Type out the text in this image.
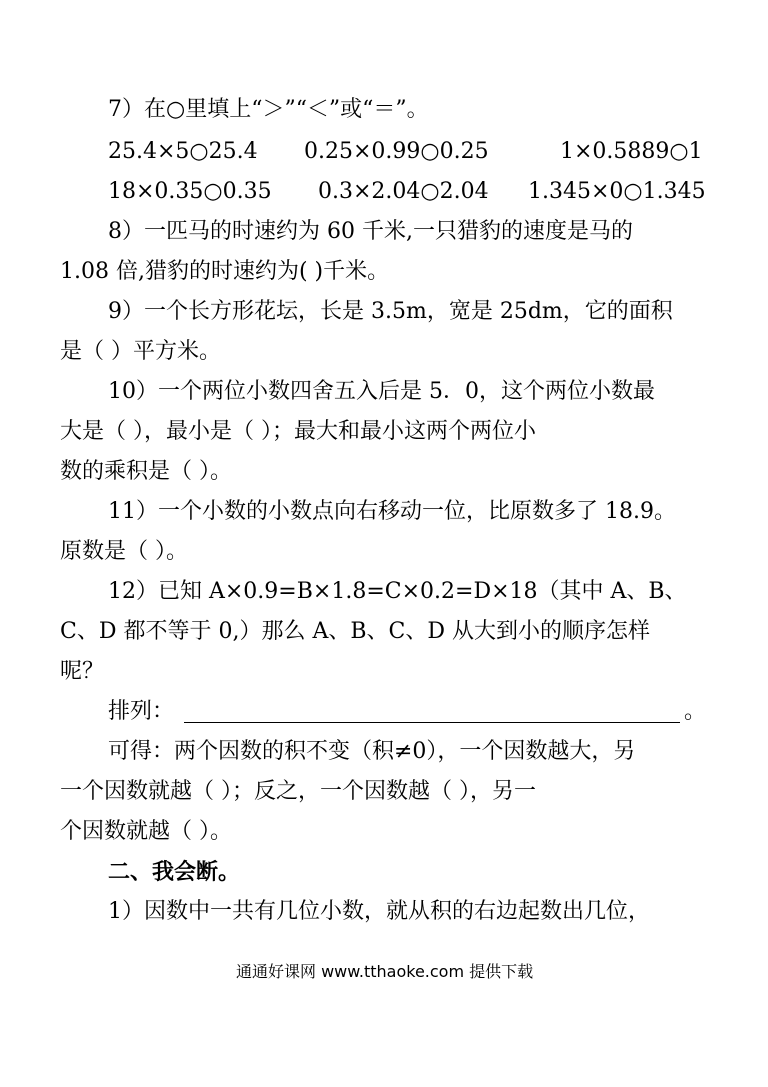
7）在○里填上“＞”“＜”或“＝”。
25.4×5○25.4 0.25×0.99○0.25	1×0.5889○1
18×0.35○0.35 0.3×2.04○2.04 1.345×0○1.345
8）一匹马的时速约为 60 千米,一只猎豹的速度是马的
1.08 倍,猎豹的时速约为( )千米。
9）一个长方形花坛，长是 3.5m，宽是 25dm，它的面积
是（ ）平方米。
10）一个两位小数四舍五入后是 5．0，这个两位小数最
大是（ ），最小是（ ）；最大和最小这两个两位小
数的乘积是（ ）。
11）一个小数的小数点向右移动一位，比原数多了 18.9。
原数是（ ）。
12）已知 A×0.9=B×1.8=C×0.2=D×18（其中 A、B、
C、D 都不等于 0,）那么 A、B、C、D 从大到小的顺序怎样
呢？
排列：	。
可得：两个因数的积不变（积≠0），一个因数越大，另
一个因数就越（ ）；反之，一个因数越（ ），另一
个因数就越（ ）。
二、我会断。
1）因数中一共有几位小数，就从积的右边起数出几位，
通通好课网 www.tthaoke.com 提供下载
